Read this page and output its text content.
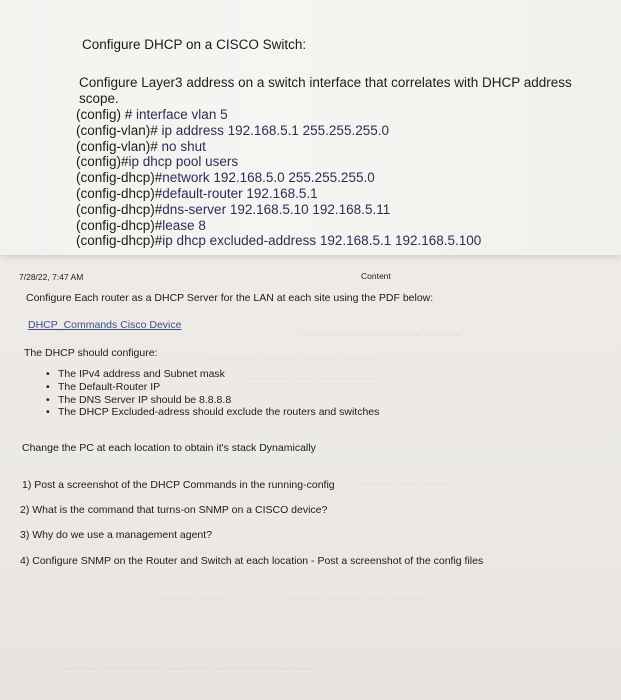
Configure DHCP on a CISCO Switch:
Configure Layer3 address on a switch interface that correlates with DHCP address scope.
(config) # interface vlan 5
(config-vlan)# ip address 192.168.5.1 255.255.255.0
(config-vlan)# no shut
(config)#ip dhcp pool users
(config-dhcp)#network 192.168.5.0 255.255.255.0
(config-dhcp)#default-router 192.168.5.1
(config-dhcp)#dns-server 192.168.5.10 192.168.5.11
(config-dhcp)#lease 8
(config-dhcp)#ip dhcp excluded-address 192.168.5.1 192.168.5.100
~~~ ~~ ~~~~ ~~~ ~~~~
~~~ ~~ ~~~~ ~~~~ ~~~~
~~~~ ~~~ ~~~~~~
~~~~ ~~ ~~~
~~~~ ~~~	~~~~ ~~~~ ~~ ~~~~
~~~~ ~~~~ ~~ ~~~~~ ~~~~ ~~~~~~
7/28/22, 7:47 AM	Content
Configure Each router as a DHCP Server for the LAN at each site using the PDF below:
DHCP_Commands Cisco Device
The DHCP should configure:
• The IPv4 address and Subnet mask
• The Default-Router IP
• The DNS Server IP should be 8.8.8.8
• The DHCP Excluded-adress should exclude the routers and switches
Change the PC at each location to obtain it's stack Dynamically
1) Post a screenshot of the DHCP Commands in the running-config
2) What is the command that turns-on SNMP on a CISCO device?
3) Why do we use a management agent?
4) Configure SNMP on the Router and Switch at each location - Post a screenshot of the config files
